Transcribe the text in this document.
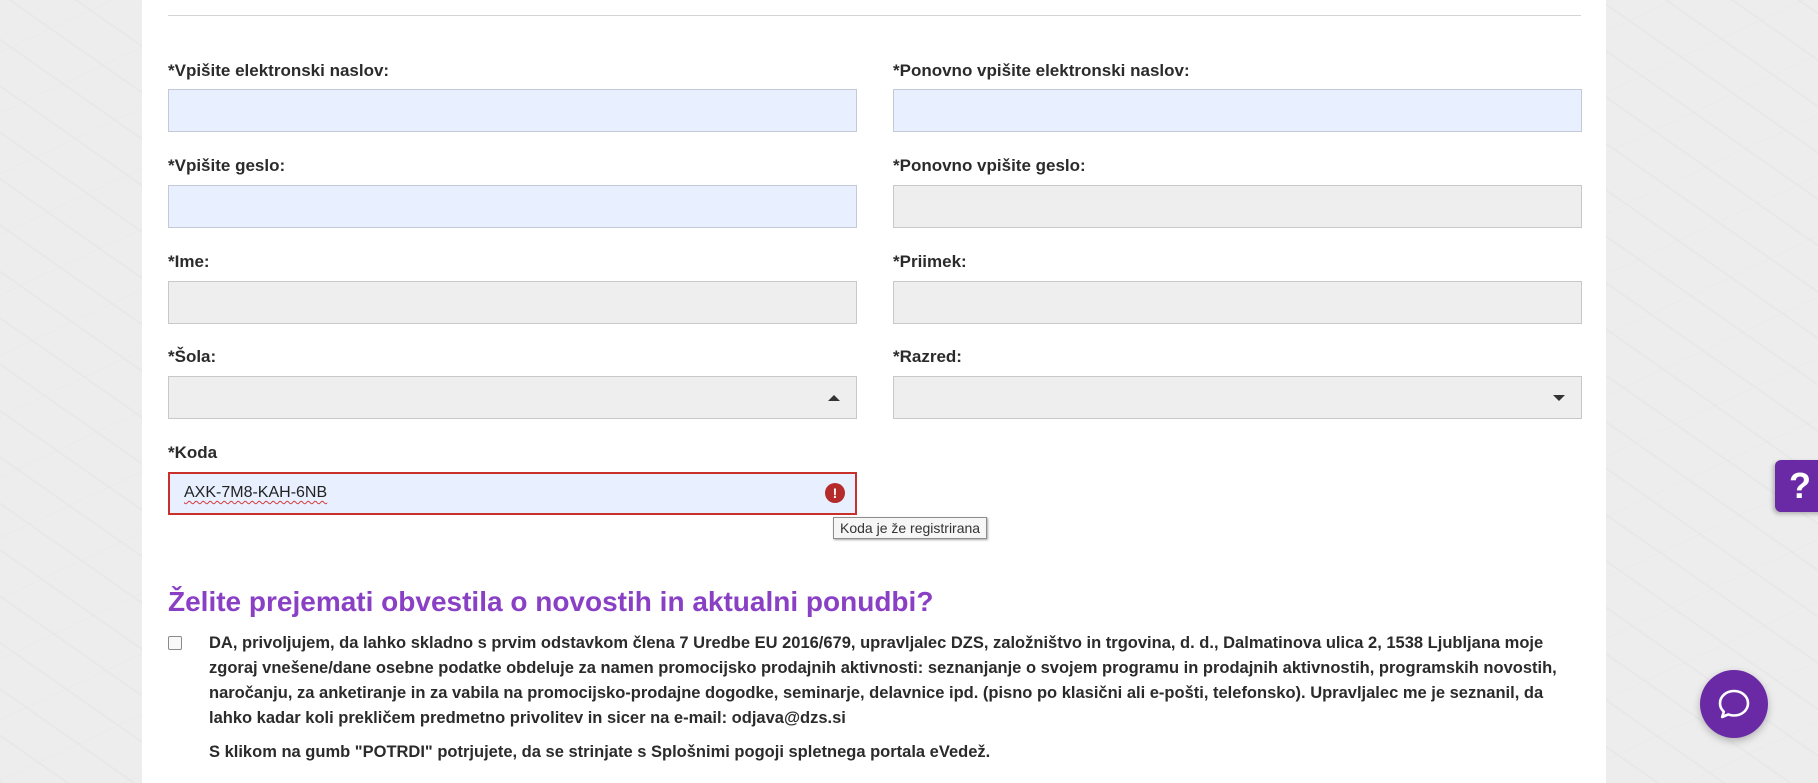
*Vpišite elektronski naslov:	*Ponovno vpišite elektronski naslov:
*Vpišite geslo:	*Ponovno vpišite geslo:
*Ime:	*Priimek:
*Šola:	*Razred:
*Koda
AXK-7M8-KAH-6NB	!
Koda je že registrirana
Želite prejemati obvestila o novostih in aktualni ponudbi?
DA, privoljujem, da lahko skladno s prvim odstavkom člena 7 Uredbe EU 2016/679, upravljalec DZS, založništvo in trgovina, d. d., Dalmatinova ulica 2, 1538 Ljubljana moje zgoraj vnešene/dane osebne podatke obdeluje za namen promocijsko prodajnih aktivnosti: seznanjanje o svojem programu in prodajnih aktivnostih, programskih novostih, naročanju, za anketiranje in za vabila na promocijsko-prodajne dogodke, seminarje, delavnice ipd. (pisno po klasični ali e-pošti, telefonsko). Upravljalec me je seznanil, da lahko kadar koli prekličem predmetno privolitev in sicer na e-mail: odjava@dzs.si
S klikom na gumb "POTRDI" potrjujete, da se strinjate s Splošnimi pogoji spletnega portala eVedež.
?
